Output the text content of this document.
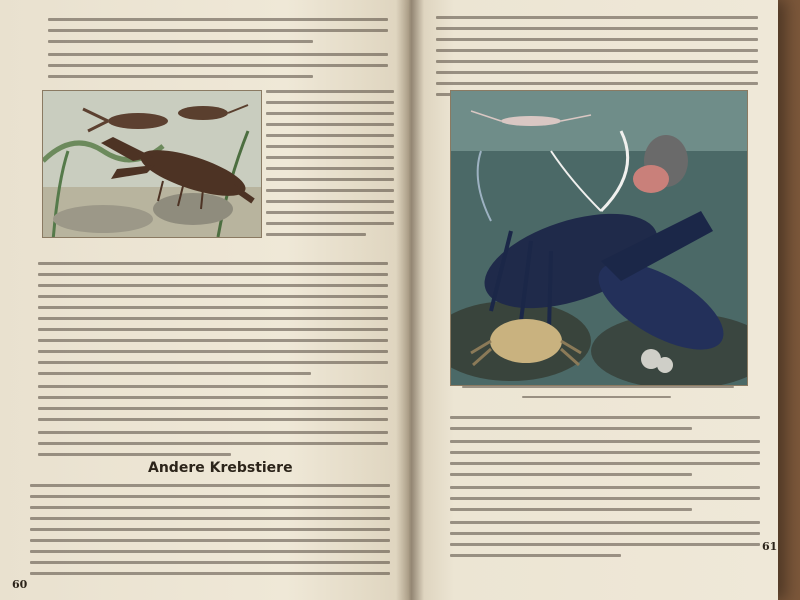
Andere Krebstiere
60
61
